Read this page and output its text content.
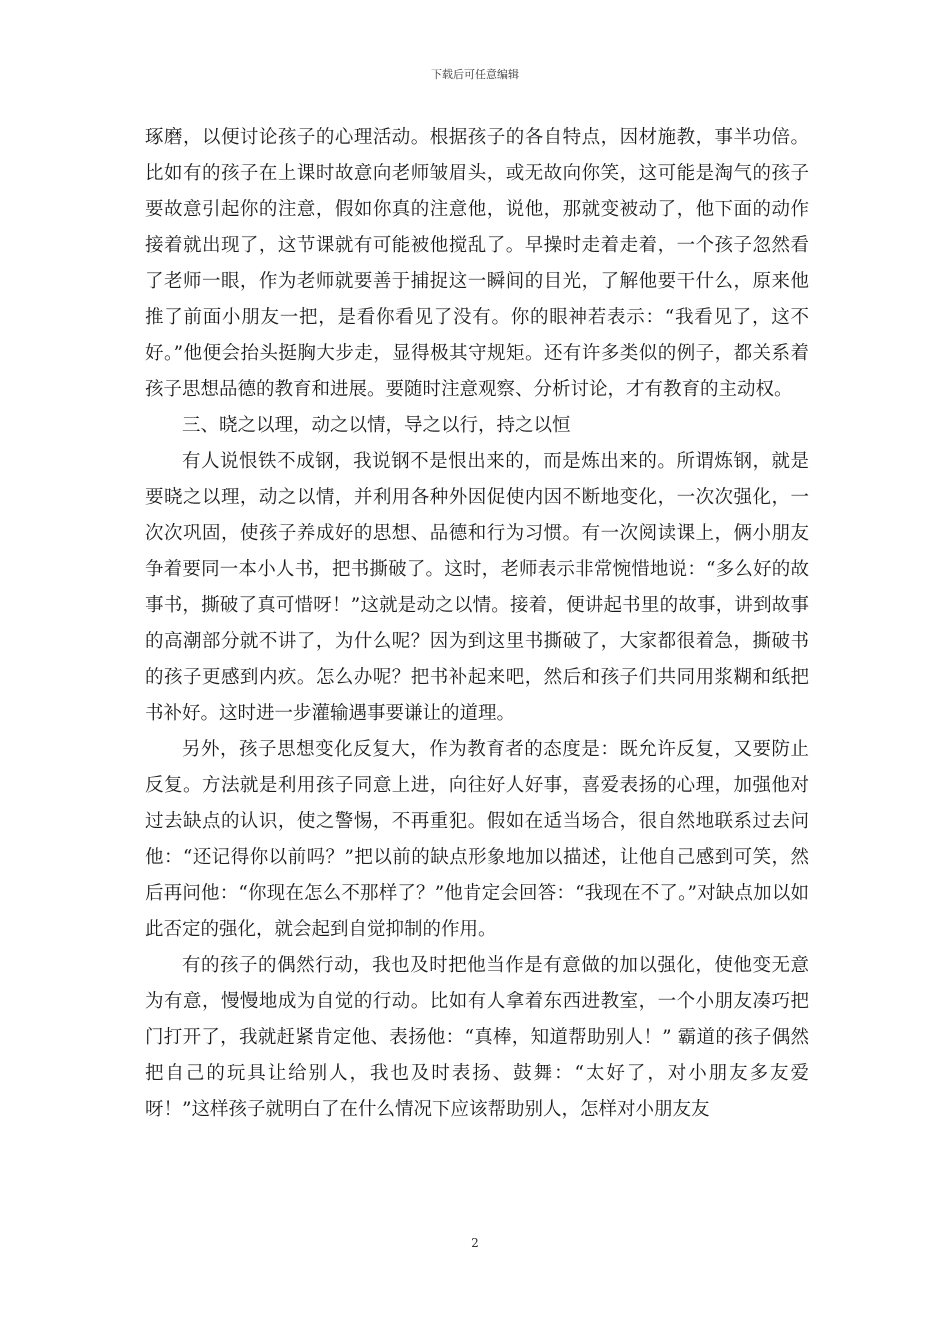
下载后可任意编辑

琢磨，以便讨论孩子的心理活动。根据孩子的各自特点，因材施教，事半功倍。比如有的孩子在上课时故意向老师皱眉头，或无故向你笑，这可能是淘气的孩子要故意引起你的注意，假如你真的注意他，说他，那就变被动了，他下面的动作接着就出现了，这节课就有可能被他搅乱了。早操时走着走着，一个孩子忽然看了老师一眼，作为老师就要善于捕捉这一瞬间的目光，了解他要干什么，原来他推了前面小朋友一把，是看你看见了没有。你的眼神若表示：“我看见了，这不好。”他便会抬头挺胸大步走，显得极其守规矩。还有许多类似的例子，都关系着孩子思想品德的教育和进展。要随时注意观察、分析讨论，才有教育的主动权。

三、晓之以理，动之以情，导之以行，持之以恒

有人说恨铁不成钢，我说钢不是恨出来的，而是炼出来的。所谓炼钢，就是要晓之以理，动之以情，并利用各种外因促使内因不断地变化，一次次强化，一次次巩固，使孩子养成好的思想、品德和行为习惯。有一次阅读课上，俩小朋友争着要同一本小人书，把书撕破了。这时，老师表示非常惋惜地说：“多么好的故事书，撕破了真可惜呀！”这就是动之以情。接着，便讲起书里的故事，讲到故事的高潮部分就不讲了，为什么呢？因为到这里书撕破了，大家都很着急，撕破书的孩子更感到内疚。怎么办呢？把书补起来吧，然后和孩子们共同用浆糊和纸把书补好。这时进一步灌输遇事要谦让的道理。

另外，孩子思想变化反复大，作为教育者的态度是：既允许反复，又要防止反复。方法就是利用孩子同意上进，向往好人好事，喜爱表扬的心理，加强他对过去缺点的认识，使之警惕，不再重犯。假如在适当场合，很自然地联系过去问他：“还记得你以前吗？”把以前的缺点形象地加以描述，让他自己感到可笑，然后再问他：“你现在怎么不那样了？”他肯定会回答：“我现在不了。”对缺点加以如此否定的强化，就会起到自觉抑制的作用。

有的孩子的偶然行动，我也及时把他当作是有意做的加以强化，使他变无意为有意，慢慢地成为自觉的行动。比如有人拿着东西进教室，一个小朋友凑巧把门打开了，我就赶紧肯定他、表扬他：“真棒，知道帮助别人！” 霸道的孩子偶然把自己的玩具让给别人，我也及时表扬、鼓舞：“太好了，对小朋友多友爱呀！”这样孩子就明白了在什么情况下应该帮助别人，怎样对小朋友友

2
